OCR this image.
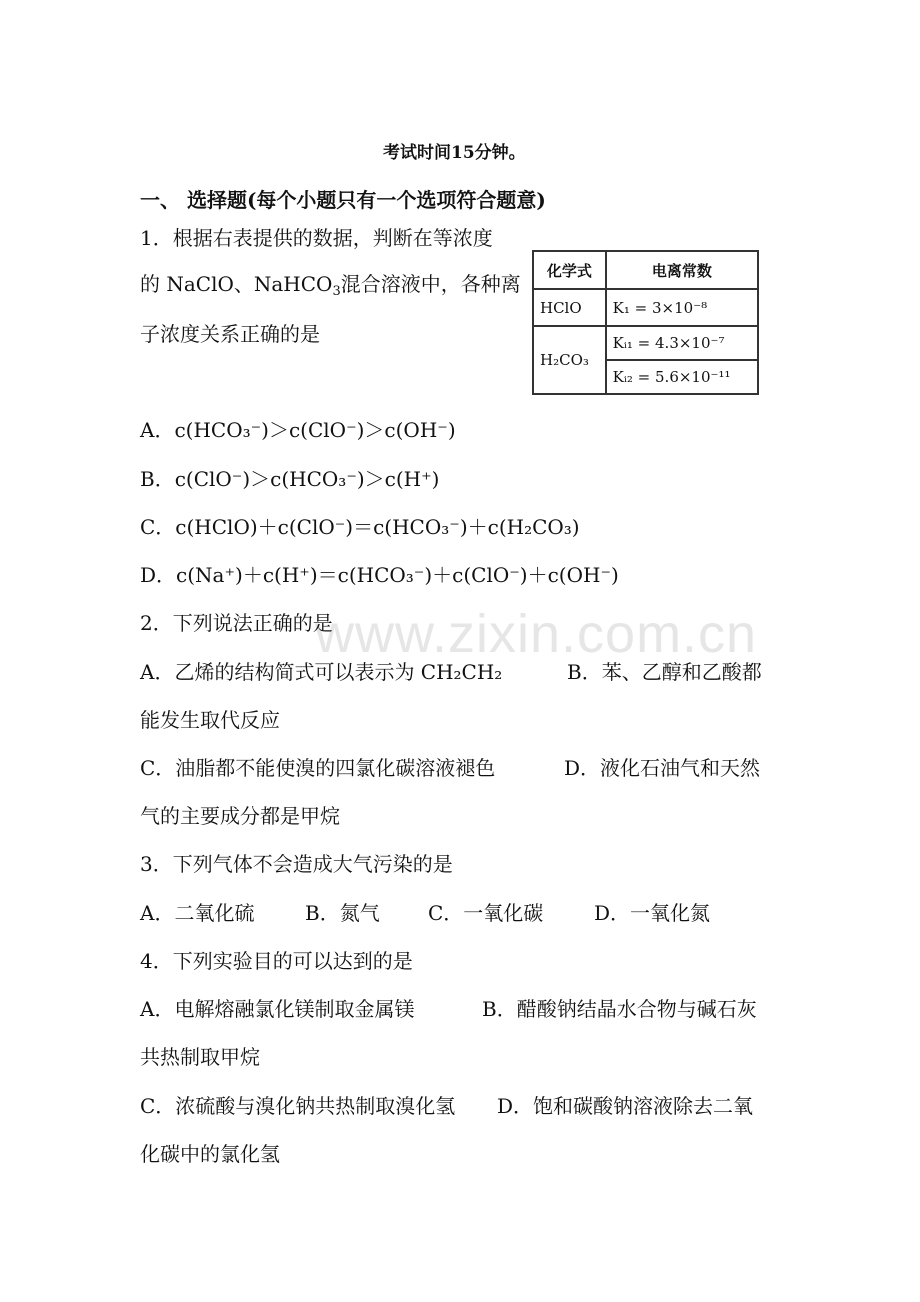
www.zixin.com.cn
考试时间15分钟。
一、 选择题(每个小题只有一个选项符合题意)
1．根据右表提供的数据，判断在等浓度
的 NaClO、NaHCO$_3$混合溶液中，各种离
子浓度关系正确的是
化学式	电离常数
HClO	K₁ = 3×10⁻⁸
H₂CO₃	Kᵢ₁ = 4.3×10⁻⁷
	Kᵢ₂ = 5.6×10⁻¹¹
A．c(HCO₃⁻)＞c(ClO⁻)＞c(OH⁻)
B．c(ClO⁻)＞c(HCO₃⁻)＞c(H⁺)
C．c(HClO)＋c(ClO⁻)＝c(HCO₃⁻)＋c(H₂CO₃)
D．c(Na⁺)＋c(H⁺)＝c(HCO₃⁻)＋c(ClO⁻)＋c(OH⁻)
2．下列说法正确的是
A．乙烯的结构简式可以表示为 CH₂CH₂	B．苯、乙醇和乙酸都
能发生取代反应
C．油脂都不能使溴的四氯化碳溶液褪色	D．液化石油气和天然
气的主要成分都是甲烷
3．下列气体不会造成大气污染的是
A．二氧化硫	B．氮气 C．一氧化碳	D．一氧化氮
4．下列实验目的可以达到的是
A．电解熔融氯化镁制取金属镁	B．醋酸钠结晶水合物与碱石灰
共热制取甲烷
C．浓硫酸与溴化钠共热制取溴化氢 D．饱和碳酸钠溶液除去二氧
化碳中的氯化氢
